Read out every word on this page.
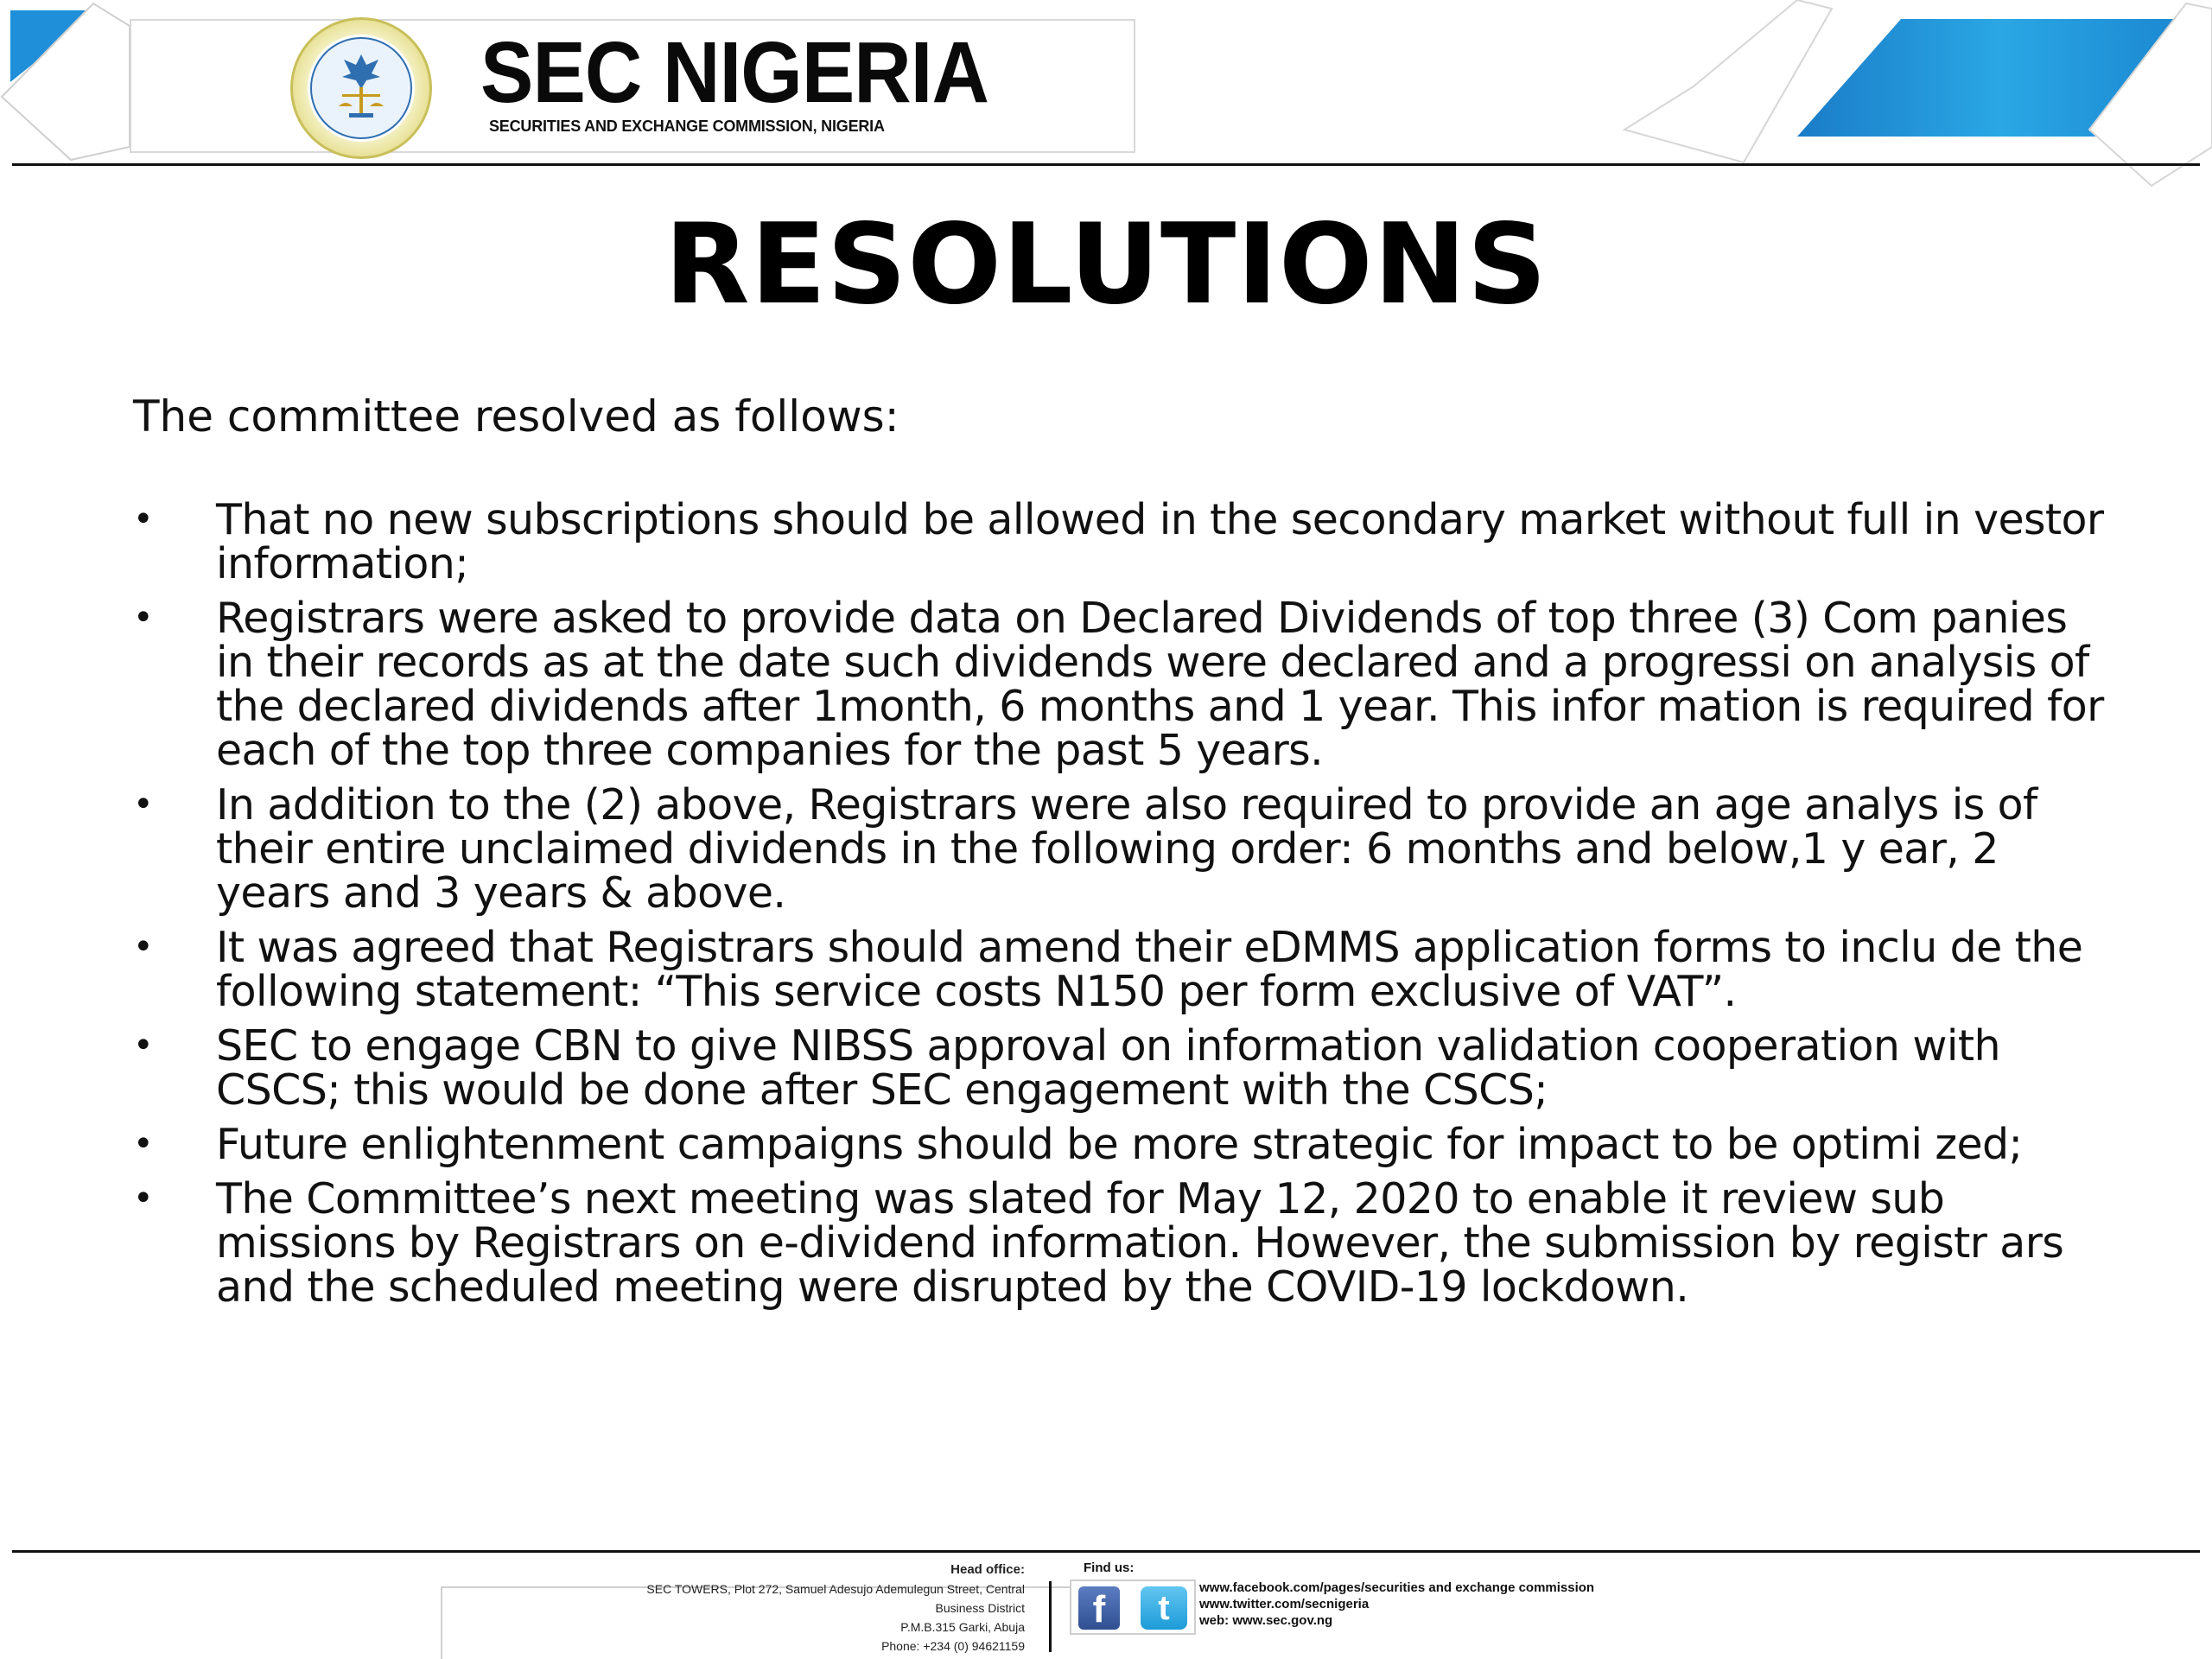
SEC NIGERIA
SECURITIES AND EXCHANGE COMMISSION, NIGERIA
RESOLUTIONS
The committee resolved as follows:
• That no new subscriptions should be allowed in the secondary market without full in vestor information;
• Registrars were asked to provide data on Declared Dividends of top three (3) Com panies in their records as at the date such dividends were declared and a progressi on analysis of the declared dividends after 1month, 6 months and 1 year. This infor mation is required for each of the top three companies for the past 5 years.
• In addition to the (2) above, Registrars were also required to provide an age analys is of their entire unclaimed dividends in the following order: 6 months and below,1 y ear, 2 years and 3 years & above.
• It was agreed that Registrars should amend their eDMMS application forms to inclu de the following statement: “This service costs N150 per form exclusive of VAT”.
• SEC to engage CBN to give NIBSS approval on information validation cooperation with CSCS; this would be done after SEC engagement with the CSCS;
• Future enlightenment campaigns should be more strategic for impact to be optimi zed;
• The Committee’s next meeting was slated for May 12, 2020 to enable it review sub missions by Registrars on e-dividend information. However, the submission by registr ars and the scheduled meeting were disrupted by the COVID-19 lockdown.
Head office:
SEC TOWERS, Plot 272, Samuel Adesujo Ademulegun Street, Central
Business District
P.M.B.315 Garki, Abuja
Phone: +234 (0) 94621159
Find us:
f	t
www.facebook.com/pages/securities and exchange commission
www.twitter.com/secnigeria
web: www.sec.gov.ng
